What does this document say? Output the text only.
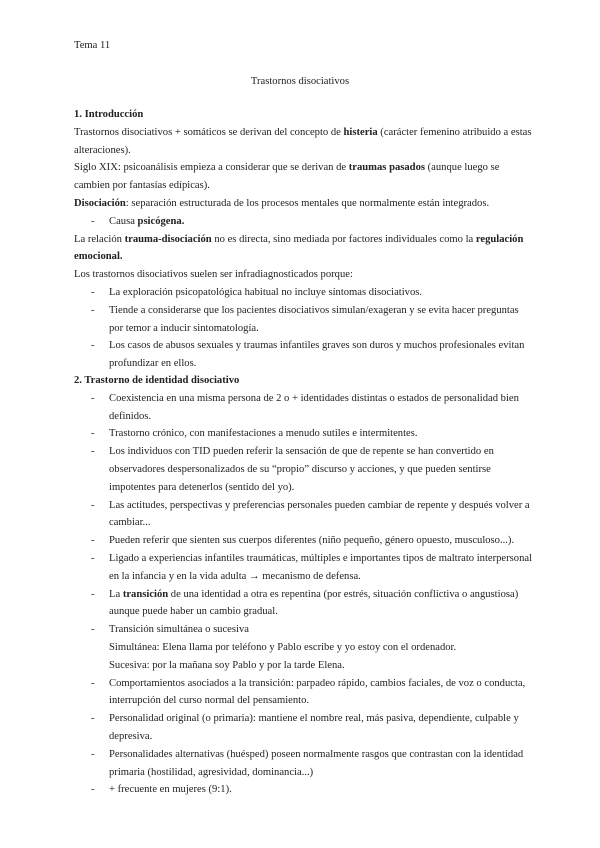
Tema 11
Trastornos disociativos
1. Introducción

Trastornos disociativos + somáticos se derivan del concepto de histeria (carácter femenino atribuido a estas alteraciones).

Siglo XIX: psicoanálisis empieza a considerar que se derivan de traumas pasados (aunque luego se cambien por fantasías edípicas).

Disociación: separación estructurada de los procesos mentales que normalmente están integrados.

- Causa psicógena.

La relación trauma-disociación no es directa, sino mediada por factores individuales como la regulación emocional.

Los trastornos disociativos suelen ser infradiagnosticados porque:

- La exploración psicopatológica habitual no incluye síntomas disociativos.
- Tiende a considerarse que los pacientes disociativos simulan/exageran y se evita hacer preguntas por temor a inducir sintomatología.
- Los casos de abusos sexuales y traumas infantiles graves son duros y muchos profesionales evitan profundizar en ellos.
2. Trastorno de identidad disociativo
- Coexistencia en una misma persona de 2 o + identidades distintas o estados de personalidad bien definidos.
- Trastorno crónico, con manifestaciones a menudo sutiles e intermitentes.
- Los individuos con TID pueden referir la sensación de que de repente se han convertido en observadores despersonalizados de su “propio” discurso y acciones, y que pueden sentirse impotentes para detenerlos (sentido del yo).
- Las actitudes, perspectivas y preferencias personales pueden cambiar de repente y después volver a cambiar...
- Pueden referir que sienten sus cuerpos diferentes (niño pequeño, género opuesto, musculoso...).
- Ligado a experiencias infantiles traumáticas, múltiples e importantes tipos de maltrato interpersonal en la infancia y en la vida adulta → mecanismo de defensa.
- La transición de una identidad a otra es repentina (por estrés, situación conflictiva o angustiosa) aunque puede haber un cambio gradual.
- Transición simultánea o sucesiva
Simultánea: Elena llama por teléfono y Pablo escribe y yo estoy con el ordenador.
Sucesiva: por la mañana soy Pablo y por la tarde Elena.
- Comportamientos asociados a la transición: parpadeo rápido, cambios faciales, de voz o conducta, interrupción del curso normal del pensamiento.
- Personalidad original (o primaria): mantiene el nombre real, más pasiva, dependiente, culpable y depresiva.
- Personalidades alternativas (huésped) poseen normalmente rasgos que contrastan con la identidad primaria (hostilidad, agresividad, dominancia...)
- + frecuente en mujeres (9:1).
